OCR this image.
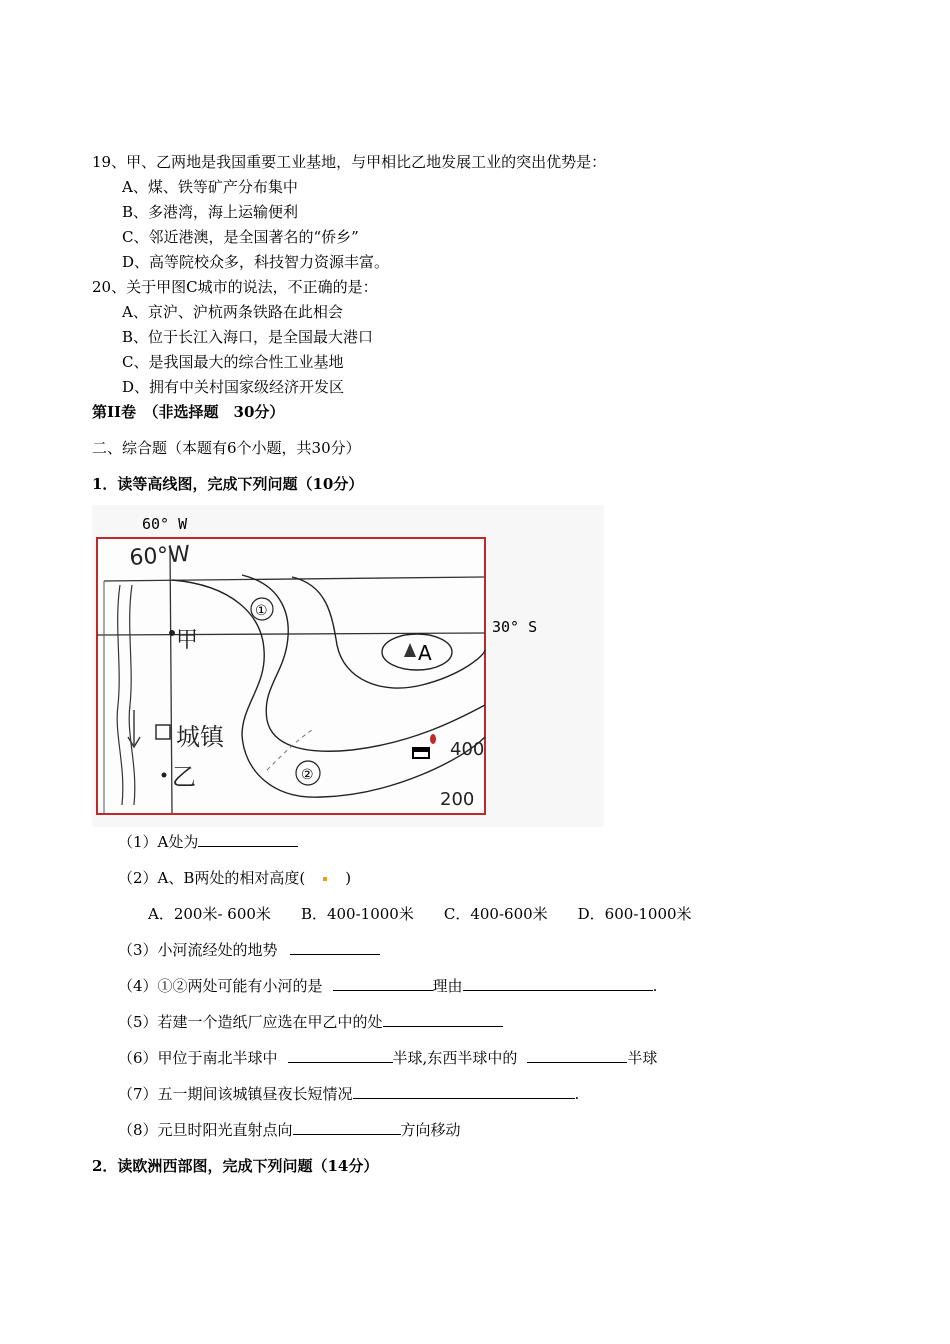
19、甲、乙两地是我国重要工业基地，与甲相比乙地发展工业的突出优势是：
A、煤、铁等矿产分布集中
B、多港湾，海上运输便利
C、邻近港澳，是全国著名的“侨乡”
D、高等院校众多，科技智力资源丰富。
20、关于甲图C城市的说法，不正确的是：
A、京沪、沪杭两条铁路在此相会
B、位于长江入海口，是全国最大港口
C、是我国最大的综合性工业基地
D、拥有中关村国家级经济开发区
第II卷　（非选择题　30分）
二、综合题（本题有6个小题，共30分）
1．读等高线图，完成下列问题（10分）
60° W
30° S
60°W
A
①
②
甲
城镇
乙
400
200
（1）A处为
（2）A、B两处的相对高度(	)
A．200米- 600米 B．400-1000米 C．400-600米 D．600-1000米
（3）小河流经处的地势
（4）①②两处可能有小河的是	理由	.
（5）若建一个造纸厂应选在甲乙中的处
（6）甲位于南北半球中	半球,东西半球中的	半球
（7）五一期间该城镇昼夜长短情况	.
（8）元旦时阳光直射点向	方向移动
2．读欧洲西部图，完成下列问题（14分）
